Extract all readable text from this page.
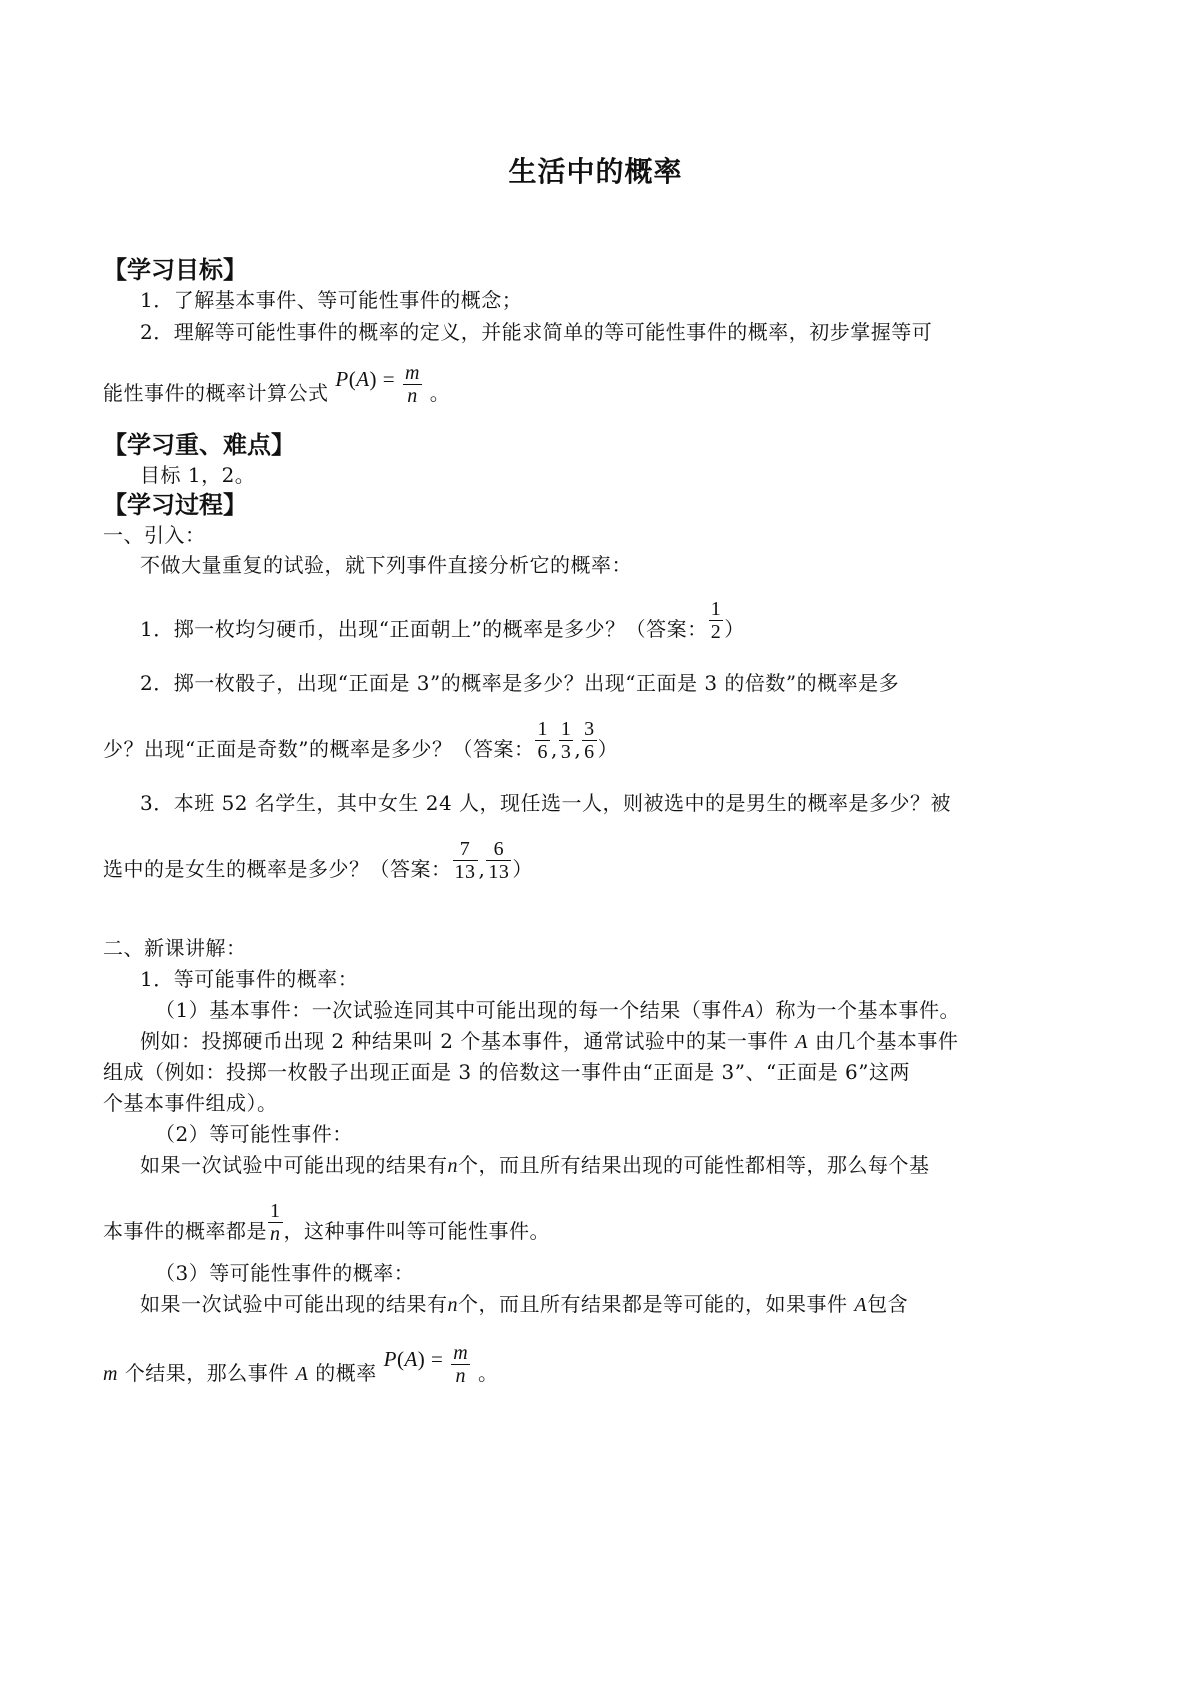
生活中的概率
【学习目标】
1．了解基本事件、等可能性事件的概念；
2．理解等可能性事件的概率的定义，并能求简单的等可能性事件的概率，初步掌握等可
能性事件的概率计算公式 $P(A) = \frac{m}{n}$ 。
【学习重、难点】
目标 1，2。
【学习过程】
一、引入：
不做大量重复的试验，就下列事件直接分析它的概率：
1．掷一枚均匀硬币，出现“正面朝上”的概率是多少？（答案： $\frac{1}{2}$ ）
2．掷一枚骰子，出现“正面是 3”的概率是多少？出现“正面是 3 的倍数”的概率是多
少？出现“正面是奇数”的概率是多少？（答案： $\frac{1}{6}$ , $\frac{1}{3}$ , $\frac{3}{6}$ ）
3．本班 52 名学生，其中女生 24 人，现任选一人，则被选中的是男生的概率是多少？被
选中的是女生的概率是多少？（答案： $\frac{7}{13}$ , $\frac{6}{13}$ ）
二、新课讲解：
1．等可能事件的概率：
（1）基本事件：一次试验连同其中可能出现的每一个结果（事件A）称为一个基本事件。
例如：投掷硬币出现 2 种结果叫 2 个基本事件，通常试验中的某一事件 A 由几个基本事件
组成（例如：投掷一枚骰子出现正面是 3 的倍数这一事件由“正面是 3”、“正面是 6”这两
个基本事件组成）。
（2）等可能性事件：
如果一次试验中可能出现的结果有n个，而且所有结果出现的可能性都相等，那么每个基
本事件的概率都是 $\frac{1}{n}$ ，这种事件叫等可能性事件。
（3）等可能性事件的概率：
如果一次试验中可能出现的结果有n个，而且所有结果都是等可能的，如果事件 A包含
m 个结果，那么事件 A 的概率 $P(A) = \frac{m}{n}$ 。
